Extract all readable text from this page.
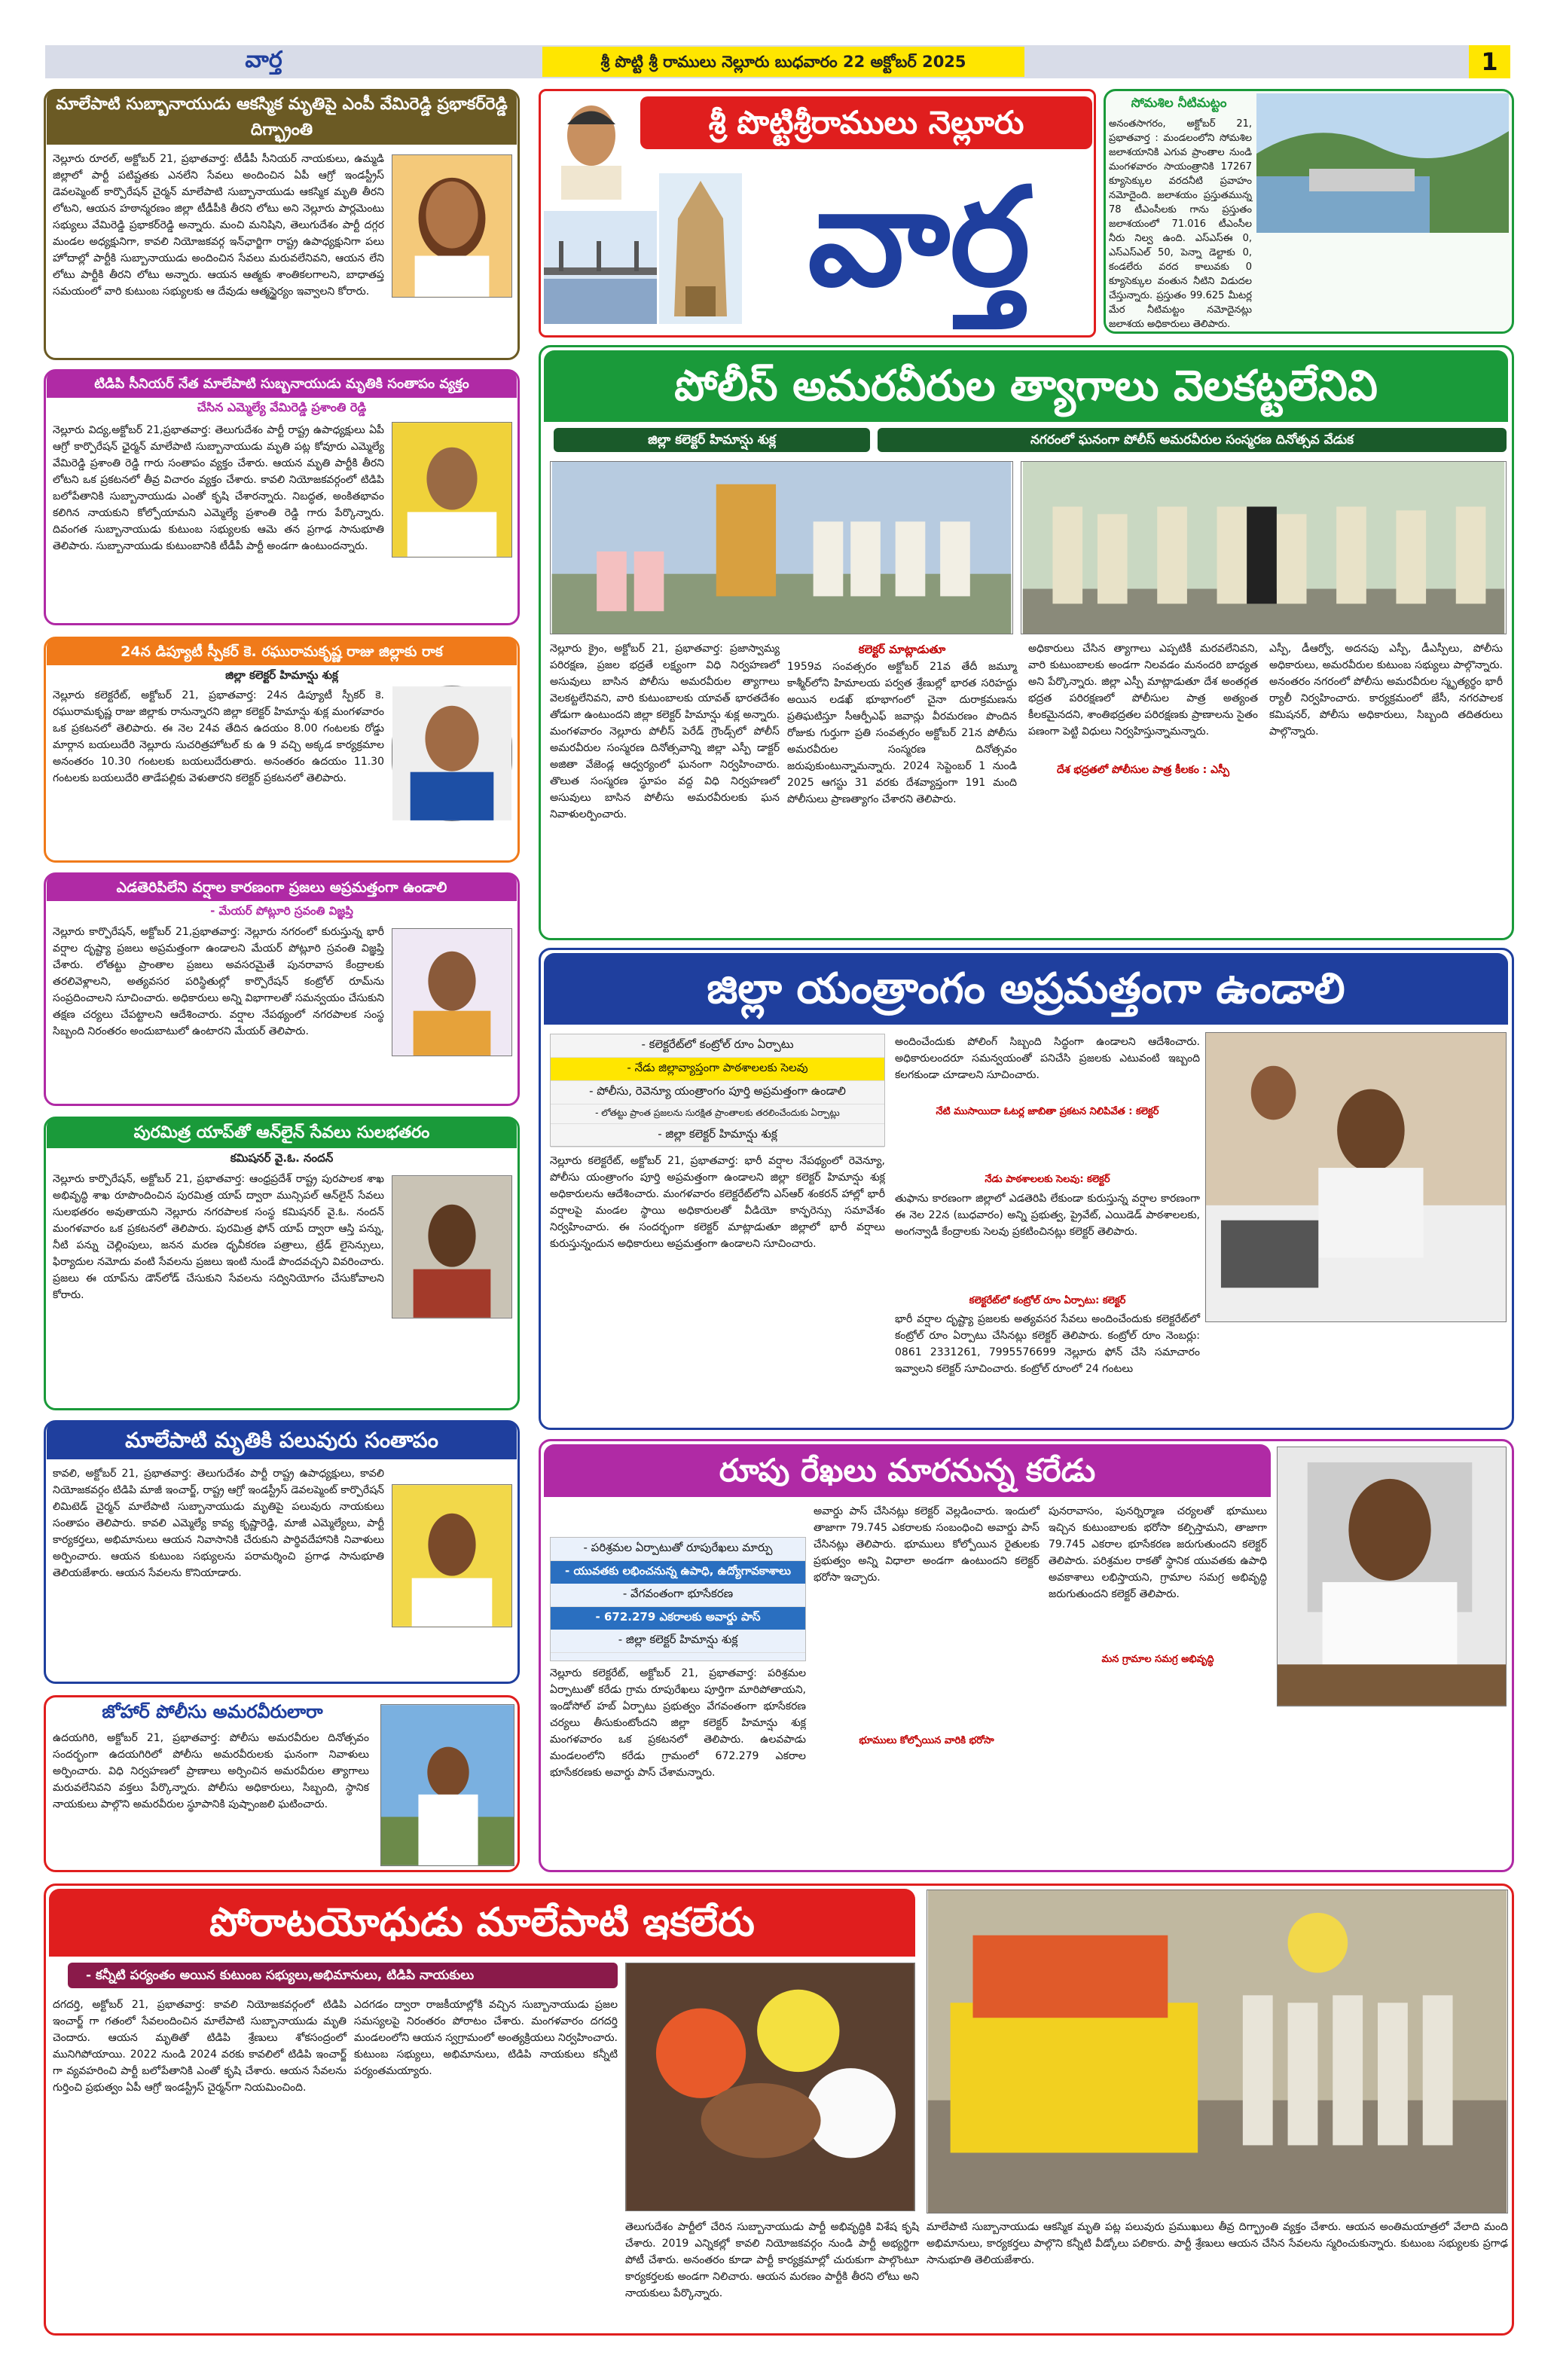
వార్త	శ్రీ పొట్టి శ్రీ రాములు నెల్లూరు బుధవారం 22 అక్టోబర్ 2025	1
మాలేపాటి సుబ్బానాయుడు ఆకస్మిక మృతిపై ఎంపీ వేమిరెడ్డి ప్రభాకర్‌రెడ్డి దిగ్భ్రాంతి
నెల్లూరు రూరల్, అక్టోబర్ 21, ప్రభాతవార్త: టీడీపీ సీనియర్ నాయకులు, ఉమ్మడి జిల్లాలో పార్టీ పటిష్టతకు ఎనలేని సేవలు అందించిన ఏపీ ఆగ్రో ఇండస్ట్రీస్ డెవలప్మెంట్ కార్పొరేషన్ చైర్మన్ మాలేపాటి సుబ్బానాయుడు ఆకస్మిక మృతి తీరని లోటని, ఆయన హఠాన్మరణం జిల్లా టీడీపీకి తీరని లోటు అని నెల్లూరు పార్లమెంటు సభ్యులు వేమిరెడ్డి ప్రభాకర్‌రెడ్డి అన్నారు. మంచి మనిషిని, తెలుగుదేశం పార్టీ దగ్గర మండల అధ్యక్షునిగా, కావలి నియోజకవర్గ ఇన్‌ఛార్జిగా రాష్ట్ర ఉపాధ్యక్షునిగా పలు హోదాల్లో పార్టీకి సుబ్బానాయుడు అందించిన సేవలు మరువలేనివని, ఆయన లేని లోటు పార్టీకి తీరని లోటు అన్నారు. ఆయన ఆత్మకు శాంతికలగాలని, బాధాతప్త సమయంలో వారి కుటుంబ సభ్యులకు ఆ దేవుడు ఆత్మస్థైర్యం ఇవ్వాలని కోరారు.
టిడిపి సీనియర్ నేత మాలేపాటి సుబ్బనాయుడు మృతికి సంతాపం వ్యక్తం
చేసిన ఎమ్మెల్యే వేమిరెడ్డి ప్రశాంతి రెడ్డి
నెల్లూరు విద్య,అక్టోబర్ 21,ప్రభాతవార్త: తెలుగుదేశం పార్టీ రాష్ట్ర ఉపాధ్యక్షులు ఏపీ ఆగ్రో కార్పొరేషన్ ఛైర్మన్ మాలేపాటి సుబ్బానాయుడు మృతి పట్ల కోవూరు ఎమ్మెల్యే వేమిరెడ్డి ప్రశాంతి రెడ్డి గారు సంతాపం వ్యక్తం చేశారు. ఆయన మృతి పార్టీకి తీరని లోటని ఒక ప్రకటనలో తీవ్ర విచారం వ్యక్తం చేశారు. కావలి నియోజకవర్గంలో టిడిపి బలోపేతానికి సుబ్బానాయుడు ఎంతో కృషి చేశారన్నారు. నిబద్ధత, అంకితభావం కలిగిన నాయకుని కోల్పోయామని ఎమ్మెల్యే ప్రశాంతి రెడ్డి గారు పేర్కొన్నారు. దివంగత సుబ్బానాయుడు కుటుంబ సభ్యులకు ఆమె తన ప్రగాఢ సానుభూతి తెలిపారు. సుబ్బానాయుడు కుటుంబానికి టీడీపీ పార్టీ అండగా ఉంటుందన్నారు.
24న డిప్యూటీ స్పీకర్ కె. రఘురామకృష్ణ రాజు జిల్లాకు రాక
జిల్లా కలెక్టర్ హిమాన్షు శుక్ల
నెల్లూరు కలెక్టరేట్, అక్టోబర్ 21, ప్రభాతవార్త: 24న డిప్యూటీ స్పీకర్ కె. రఘురామకృష్ణ రాజు జిల్లాకు రానున్నారని జిల్లా కలెక్టర్ హిమాన్షు శుక్ల మంగళవారం ఒక ప్రకటనలో తెలిపారు. ఈ నెల 24వ తేదిన ఉదయం 8.00 గంటలకు రోడ్డు మార్గాన బయలుదేరి నెల్లూరు సుచరిత్రహోటల్ కు ఉ 9 వచ్చి అక్కడ కార్యక్రమాల అనంతరం 10.30 గంటలకు బయలుదేరుతారు. అనంతరం ఉదయం 11.30 గంటలకు బయలుదేరి తాడేపల్లికు వెళుతారని కలెక్టర్ ప్రకటనలో తెలిపారు.
ఎడతెరిపిలేని వర్షాల కారణంగా ప్రజలు అప్రమత్తంగా ఉండాలి
- మేయర్ పోట్లూరి స్రవంతి విజ్ఞప్తి
నెల్లూరు కార్పొరేషన్, అక్టోబర్ 21,ప్రభాతవార్త: నెల్లూరు నగరంలో కురుస్తున్న భారీ వర్షాల దృష్ట్యా ప్రజలు అప్రమత్తంగా ఉండాలని మేయర్ పోట్లూరి స్రవంతి విజ్ఞప్తి చేశారు. లోతట్టు ప్రాంతాల ప్రజలు అవసరమైతే పునరావాస కేంద్రాలకు తరలివెళ్లాలని, అత్యవసర పరిస్థితుల్లో కార్పొరేషన్ కంట్రోల్ రూమ్‌ను సంప్రదించాలని సూచించారు. అధికారులు అన్ని విభాగాలతో సమన్వయం చేసుకుని తక్షణ చర్యలు చేపట్టాలని ఆదేశించారు. వర్షాల నేపథ్యంలో నగరపాలక సంస్థ సిబ్బంది నిరంతరం అందుబాటులో ఉంటారని మేయర్ తెలిపారు.
పురమిత్ర యాప్‌తో ఆన్‌లైన్ సేవలు సులభతరం
కమిషనర్ వై.ఓ. నందన్
నెల్లూరు కార్పొరేషన్, అక్టోబర్ 21, ప్రభాతవార్త: ఆంధ్రప్రదేశ్ రాష్ట్ర పురపాలక శాఖ అభివృద్ధి శాఖ రూపొందించిన పురమిత్ర యాప్ ద్వారా మున్సిపల్ ఆన్‌లైన్ సేవలు సులభతరం అవుతాయని నెల్లూరు నగరపాలక సంస్థ కమిషనర్ వై.ఓ. నందన్ మంగళవారం ఒక ప్రకటనలో తెలిపారు. పురమిత్ర ఫోన్ యాప్ ద్వారా ఆస్తి పన్ను, నీటి పన్ను చెల్లింపులు, జనన మరణ ధృవీకరణ పత్రాలు, ట్రేడ్ లైసెన్సులు, ఫిర్యాదుల నమోదు వంటి సేవలను ప్రజలు ఇంటి నుండే పొందవచ్చని వివరించారు. ప్రజలు ఈ యాప్‌ను డౌన్‌లోడ్ చేసుకుని సేవలను సద్వినియోగం చేసుకోవాలని కోరారు.
మాలేపాటి మృతికి పలువురు సంతాపం
కావలి, అక్టోబర్ 21, ప్రభాతవార్త: తెలుగుదేశం పార్టీ రాష్ట్ర ఉపాధ్యక్షులు, కావలి నియోజకవర్గం టిడిపి మాజీ ఇంచార్జ్, రాష్ట్ర ఆగ్రో ఇండస్ట్రీస్ డెవలప్మెంట్ కార్పొరేషన్ లిమిటెడ్ చైర్మన్ మాలేపాటి సుబ్బానాయుడు మృతిపై పలువురు నాయకులు సంతాపం తెలిపారు. కావలి ఎమ్మెల్యే కావ్య కృష్ణారెడ్డి, మాజీ ఎమ్మెల్యేలు, పార్టీ కార్యకర్తలు, అభిమానులు ఆయన నివాసానికి చేరుకుని పార్థివదేహానికి నివాళులు అర్పించారు. ఆయన కుటుంబ సభ్యులను పరామర్శించి ప్రగాఢ సానుభూతి తెలియజేశారు. ఆయన సేవలను కొనియాడారు.
జోహార్ పోలీసు అమరవీరులారా
ఉదయగిరి, అక్టోబర్ 21, ప్రభాతవార్త: పోలీసు అమరవీరుల దినోత్సవం సందర్భంగా ఉదయగిరిలో పోలీసు అమరవీరులకు ఘనంగా నివాళులు అర్పించారు. విధి నిర్వహణలో ప్రాణాలు అర్పించిన అమరవీరుల త్యాగాలు మరువలేనివని వక్తలు పేర్కొన్నారు. పోలీసు అధికారులు, సిబ్బంది, స్థానిక నాయకులు పాల్గొని అమరవీరుల స్థూపానికి పుష్పాంజలి ఘటించారు.
శ్రీ పొట్టిశ్రీరాములు నెల్లూరు
వార్త
సోమశిల నీటిమట్టం
అనంతసాగరం, అక్టోబర్ 21, ప్రభాతవార్త : మండలంలోని సోమశిల జలాశయానికి ఎగువ ప్రాంతాల నుండి మంగళవారం సాయంత్రానికి 17267 క్యూసెక్కుల వరదనీటి ప్రవాహం నమోదైంది. జలాశయం ప్రస్తుతమున్న 78 టీఎంసీలకు గాను ప్రస్తుతం జలాశయంలో 71.016 టీఎంసీల నీరు నిల్వ ఉంది. ఎస్ఎస్ఈ 0, ఎస్ఎస్ఎల్ 50, పెన్నా డెల్టాకు 0, కండలేరు వరద కాలువకు 0 క్యూసెక్కుల వంతున నీటిని విడుదల చేస్తున్నారు. ప్రస్తుతం 99.625 మీటర్ల మేర నీటిమట్టం నమోదైనట్లు జలాశయ అధికారులు తెలిపారు.
పోలీస్ అమరవీరుల త్యాగాలు వెలకట్టలేనివి
జిల్లా కలెక్టర్ హిమాన్షు శుక్ల	నగరంలో ఘనంగా పోలీస్ అమరవీరుల సంస్మరణ దినోత్సవ వేడుక
నెల్లూరు క్రైం, అక్టోబర్ 21, ప్రభాతవార్త: ప్రజాస్వామ్య పరిరక్షణ, ప్రజల భద్రతే లక్ష్యంగా విధి నిర్వహణలో అసువులు బాసిన పోలీసు అమరవీరుల త్యాగాలు వెలకట్టలేనివని, వారి కుటుంబాలకు యావత్ భారతదేశం తోడుగా ఉంటుందని జిల్లా కలెక్టర్ హిమాన్షు శుక్ల అన్నారు. మంగళవారం నెల్లూరు పోలీస్ పెరేడ్ గ్రౌండ్స్‌లో పోలీస్ అమరవీరుల సంస్మరణ దినోత్సవాన్ని జిల్లా ఎస్పీ డాక్టర్ అజితా వేజెండ్ల ఆధ్వర్యంలో ఘనంగా నిర్వహించారు. తొలుత సంస్మరణ స్థూపం వద్ద విధి నిర్వహణలో అసువులు బాసిన పోలీసు అమరవీరులకు ఘన నివాళులర్పించారు.
కలెక్టర్ మాట్లాడుతూ
1959వ సంవత్సరం అక్టోబర్ 21వ తేదీ జమ్మూ కాశ్మీర్‌లోని హిమాలయ పర్వత శ్రేణుల్లో భారత సరిహద్దు అయిన లడఖ్ భూభాగంలో చైనా దురాక్రమణను ప్రతిఘటిస్తూ సీఆర్పీఎఫ్ జవాన్లు వీరమరణం పొందిన రోజుకు గుర్తుగా ప్రతి సంవత్సరం అక్టోబర్ 21న పోలీసు అమరవీరుల సంస్మరణ దినోత్సవం జరుపుకుంటున్నామన్నారు. 2024 సెప్టెంబర్ 1 నుండి 2025 ఆగస్టు 31 వరకు దేశవ్యాప్తంగా 191 మంది పోలీసులు ప్రాణత్యాగం చేశారని తెలిపారు.
అధికారులు చేసిన త్యాగాలు ఎప్పటికీ మరవలేనివని, వారి కుటుంబాలకు అండగా నిలవడం మనందరి బాధ్యత అని పేర్కొన్నారు. జిల్లా ఎస్పీ మాట్లాడుతూ దేశ అంతర్గత భద్రత పరిరక్షణలో పోలీసుల పాత్ర అత్యంత కీలకమైనదని, శాంతిభద్రతల పరిరక్షణకు ప్రాణాలను సైతం పణంగా పెట్టి విధులు నిర్వహిస్తున్నామన్నారు.
దేశ భద్రతలో పోలీసుల పాత్ర కీలకం : ఎస్పీ
ఎస్పీ, డీఆర్వో, అదనపు ఎస్పీ, డీఎస్పీలు, పోలీసు అధికారులు, అమరవీరుల కుటుంబ సభ్యులు పాల్గొన్నారు. అనంతరం నగరంలో పోలీసు అమరవీరుల స్మృత్యర్థం భారీ ర్యాలీ నిర్వహించారు. కార్యక్రమంలో జేసీ, నగరపాలక కమిషనర్, పోలీసు అధికారులు, సిబ్బంది తదితరులు పాల్గొన్నారు.
జిల్లా యంత్రాంగం అప్రమత్తంగా ఉండాలి
- కలెక్టరేట్‌లో కంట్రోల్ రూం ఏర్పాటు
- నేడు జిల్లావ్యాప్తంగా పాఠశాలలకు సెలవు
- పోలీసు, రెవెన్యూ యంత్రాంగం పూర్తి అప్రమత్తంగా ఉండాలి
- లోతట్టు ప్రాంత ప్రజలను సురక్షిత ప్రాంతాలకు తరలించేందుకు ఏర్పాట్లు
- జిల్లా కలెక్టర్ హిమాన్షు శుక్ల
నెల్లూరు కలెక్టరేట్, అక్టోబర్ 21, ప్రభాతవార్త: భారీ వర్షాల నేపథ్యంలో రెవెన్యూ, పోలీసు యంత్రాంగం పూర్తి అప్రమత్తంగా ఉండాలని జిల్లా కలెక్టర్ హిమాన్షు శుక్ల అధికారులను ఆదేశించారు. మంగళవారం కలెక్టరేట్‌లోని ఎస్ఆర్ శంకరన్ హాల్లో భారీ వర్షాలపై మండల స్థాయి అధికారులతో వీడియో కాన్ఫరెన్సు సమావేశం నిర్వహించారు. ఈ సందర్భంగా కలెక్టర్ మాట్లాడుతూ జిల్లాలో భారీ వర్షాలు కురుస్తున్నందున అధికారులు అప్రమత్తంగా ఉండాలని సూచించారు.
అందించేందుకు పోలింగ్‌ సిబ్బంది సిద్ధంగా ఉండాలని ఆదేశించారు. అధికారులందరూ సమన్వయంతో పనిచేసి ప్రజలకు ఎటువంటి ఇబ్బంది కలగకుండా చూడాలని సూచించారు.
నేటి ముసాయిదా ఓటర్ల జాబితా ప్రకటన నిలిపివేత : కలెక్టర్
నేడు పాఠశాలలకు సెలవు: కలెక్టర్
తుఫాను కారణంగా జిల్లాలో ఎడతెరిపి లేకుండా కురుస్తున్న వర్షాల కారణంగా ఈ నెల 22న (బుధవారం) అన్ని ప్రభుత్వ, ప్రైవేట్, ఎయిడెడ్ పాఠశాలలకు, అంగన్వాడీ కేంద్రాలకు సెలవు ప్రకటించినట్లు కలెక్టర్ తెలిపారు.
కలెక్టరేట్‌లో కంట్రోల్‌ రూం ఏర్పాటు: కలెక్టర్
భారీ వర్షాల దృష్ట్యా ప్రజలకు అత్యవసర సేవలు అందించేందుకు కలెక్టరేట్‌లో కంట్రోల్ రూం ఏర్పాటు చేసినట్లు కలెక్టర్ తెలిపారు. కంట్రోల్ రూం నెంబర్లు: 0861 2331261, 7995576699 నెల్లూరు ఫోన్ చేసి సమాచారం ఇవ్వాలని కలెక్టర్ సూచించారు. కంట్రోల్ రూంలో 24 గంటలు
రూపు రేఖలు మారనున్న కరేడు
- పరిశ్రమల ఏర్పాటుతో రూపురేఖలు మార్పు
- యువతకు లభించనున్న ఉపాధి, ఉద్యోగావకాశాలు
- వేగవంతంగా భూసేకరణ
- 672.279 ఎకరాలకు అవార్డు పాస్
- జిల్లా కలెక్టర్ హిమాన్షు శుక్ల
నెల్లూరు కలెక్టరేట్, అక్టోబర్ 21, ప్రభాతవార్త: పరిశ్రమల ఏర్పాటుతో కరేడు గ్రామ రూపురేఖలు పూర్తిగా మారిపోతాయని, ఇండోసోల్ హబ్ ఏర్పాటు ప్రభుత్వం వేగవంతంగా భూసేకరణ చర్యలు తీసుకుంటోందని జిల్లా కలెక్టర్ హిమాన్షు శుక్ల మంగళవారం ఒక ప్రకటనలో తెలిపారు. ఉలవపాడు మండలంలోని కరేడు గ్రామంలో 672.279 ఎకరాల భూసేకరణకు అవార్డు పాస్ చేశామన్నారు.
అవార్డు పాస్ చేసినట్లు కలెక్టర్ వెల్లడించారు. ఇందులో తాజాగా 79.745 ఎకరాలకు సంబంధించి అవార్డు పాస్ చేసినట్లు తెలిపారు. భూములు కోల్పోయిన రైతులకు ప్రభుత్వం అన్ని విధాలా అండగా ఉంటుందని కలెక్టర్ భరోసా ఇచ్చారు.
భూములు కోల్పోయిన వారికి భరోసా
పునరావాసం, పునర్నిర్మాణ చర్యలతో భూములు ఇచ్చిన కుటుంబాలకు భరోసా కల్పిస్తామని, తాజాగా 79.745 ఎకరాల భూసేకరణ జరుగుతుందని కలెక్టర్ తెలిపారు. పరిశ్రమల రాకతో స్థానిక యువతకు ఉపాధి అవకాశాలు లభిస్తాయని, గ్రామాల సమగ్ర అభివృద్ధి జరుగుతుందని కలెక్టర్ తెలిపారు.
మన గ్రామాల సమగ్ర అభివృద్ధి
పోరాటయోధుడు మాలేపాటి ఇకలేరు
- కన్నీటి పర్యంతం అయిన కుటుంబ సభ్యులు,అభిమానులు, టిడిపి నాయకులు
దగదర్తి, అక్టోబర్ 21, ప్రభాతవార్త: కావలి నియోజకవర్గంలో టిడిపి ఇంచార్జ్ గా గతంలో సేవలందించిన మాలేపాటి సుబ్బానాయుడు మృతి చెందారు. ఆయన మృతితో టిడిపి శ్రేణులు శోకసంద్రంలో మునిగిపోయాయి. 2022 నుండి 2024 వరకు కావలిలో టిడిపి ఇంచార్జ్ గా వ్యవహరించి పార్టీ బలోపేతానికి ఎంతో కృషి చేశారు. ఆయన సేవలను గుర్తించి ప్రభుత్వం ఏపీ ఆగ్రో ఇండస్ట్రీస్ చైర్మన్‌గా నియమించింది.
ఎదగడం ద్వారా రాజకీయాల్లోకి వచ్చిన సుబ్బానాయుడు ప్రజల సమస్యలపై నిరంతరం పోరాటం చేశారు. మంగళవారం దగదర్తి మండలంలోని ఆయన స్వగ్రామంలో అంత్యక్రియలు నిర్వహించారు. కుటుంబ సభ్యులు, అభిమానులు, టిడిపి నాయకులు కన్నీటి పర్యంతమయ్యారు.
తెలుగుదేశం పార్టీలో చేరిన సుబ్బానాయుడు పార్టీ అభివృద్ధికి విశేష కృషి చేశారు. 2019 ఎన్నికల్లో కావలి నియోజకవర్గం నుండి పార్టీ అభ్యర్థిగా పోటీ చేశారు. అనంతరం కూడా పార్టీ కార్యక్రమాల్లో చురుకుగా పాల్గొంటూ కార్యకర్తలకు అండగా నిలిచారు. ఆయన మరణం పార్టీకి తీరని లోటు అని నాయకులు పేర్కొన్నారు.
మాలేపాటి సుబ్బానాయుడు ఆకస్మిక మృతి పట్ల పలువురు ప్రముఖులు తీవ్ర దిగ్భ్రాంతి వ్యక్తం చేశారు. ఆయన అంతిమయాత్రలో వేలాది మంది అభిమానులు, కార్యకర్తలు పాల్గొని కన్నీటి వీడ్కోలు పలికారు. పార్టీ శ్రేణులు ఆయన చేసిన సేవలను స్మరించుకున్నారు. కుటుంబ సభ్యులకు ప్రగాఢ సానుభూతి తెలియజేశారు.
